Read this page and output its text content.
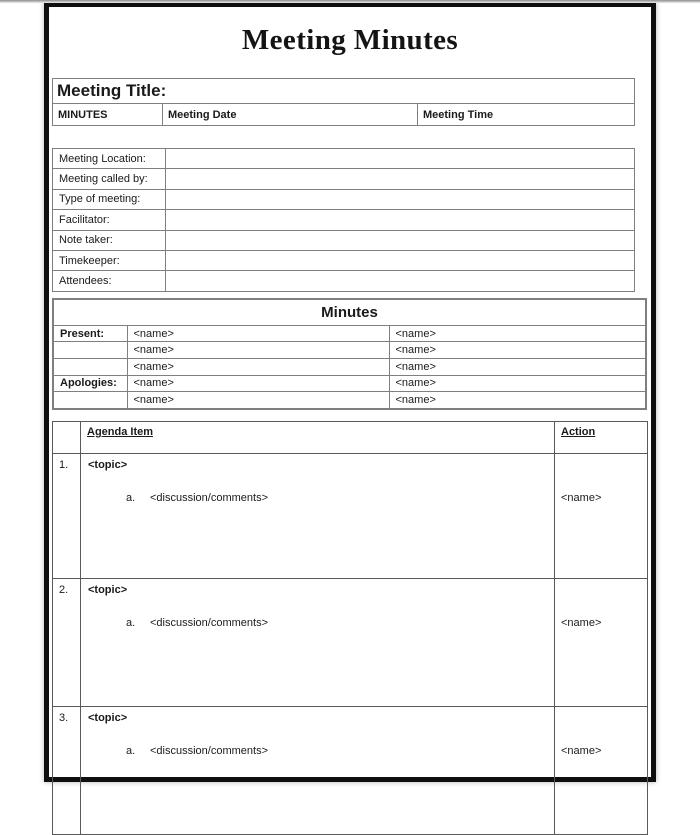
Meeting Minutes
Meeting Title:
MINUTES	Meeting Date	Meeting Time
Meeting Location:	
Meeting called by:	
Type of meeting:	
Facilitator:	
Note taker:	
Timekeeper:	
Attendees:	
Minutes		
Present:	<name>	<name>
	<name>	<name>
	<name>	<name>
Apologies:	<name>	<name>
	<name>	<name>
	Agenda Item	Action
1.	<topic>
a. <discussion/comments>	<name>
2.	<topic>
a. <discussion/comments>	<name>
3.	<topic>
a. <discussion/comments>	<name>
